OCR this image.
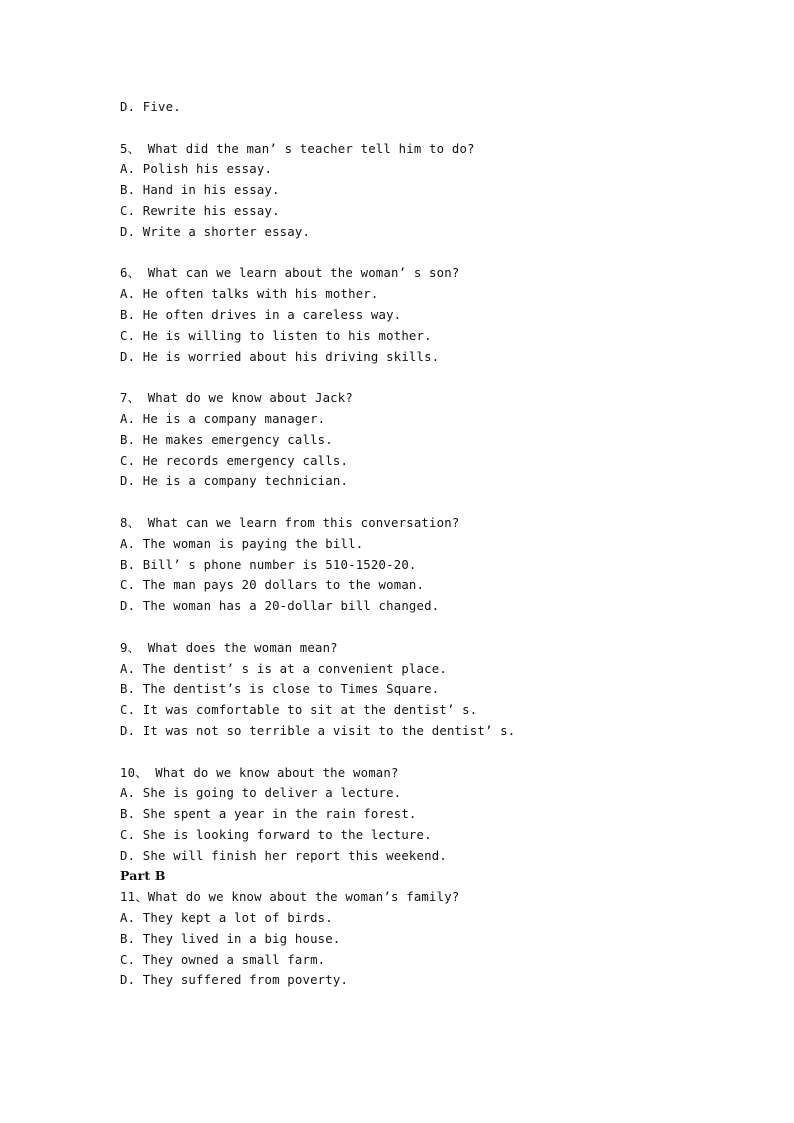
D. Five.
5、 What did the man’ s teacher tell him to do?
A. Polish his essay.
B. Hand in his essay.
C. Rewrite his essay.
D. Write a shorter essay.
6、 What can we learn about the woman’ s son?
A. He often talks with his mother.
B. He often drives in a careless way.
C. He is willing to listen to his mother.
D. He is worried about his driving skills.
7、 What do we know about Jack?
A. He is a company manager.
B. He makes emergency calls.
C. He records emergency calls.
D. He is a company technician.
8、 What can we learn from this conversation?
A. The woman is paying the bill.
B. Bill’ s phone number is 510-1520-20.
C. The man pays 20 dollars to the woman.
D. The woman has a 20-dollar bill changed.
9、 What does the woman mean?
A. The dentist’ s is at a convenient place.
B. The dentist’s is close to Times Square.
C. It was comfortable to sit at the dentist’ s.
D. It was not so terrible a visit to the dentist’ s.
10、 What do we know about the woman?
A. She is going to deliver a lecture.
B. She spent a year in the rain forest.
C. She is looking forward to the lecture.
D. She will finish her report this weekend.
Part B
11、What do we know about the woman’s family?
A. They kept a lot of birds.
B. They lived in a big house.
C. They owned a small farm.
D. They suffered from poverty.
